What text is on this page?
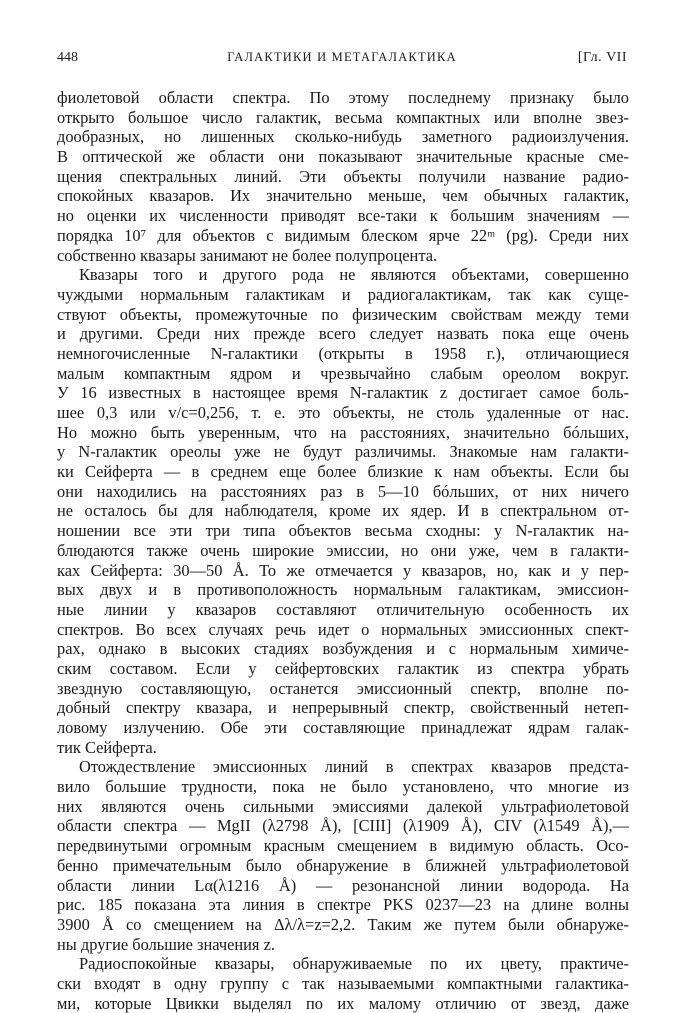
448	ГАЛАКТИКИ И МЕТАГАЛАКТИКА	[Гл. VII
фиолетовой области спектра. По этому последнему признаку было
открыто большое число галактик, весьма компактных или вполне звез-
дообразных, но лишенных сколько-нибудь заметного радиоизлучения.
В оптической же области они показывают значительные красные сме-
щения спектральных линий. Эти объекты получили название радио-
спокойных квазаров. Их значительно меньше, чем обычных галактик,
но оценки их численности приводят все-таки к большим значениям —
порядка 10⁷ для объектов с видимым блеском ярче 22ᵐ (pg). Среди них
собственно квазары занимают не более полупроцента.
Квазары того и другого рода не являются объектами, совершенно
чуждыми нормальным галактикам и радиогалактикам, так как суще-
ствуют объекты, промежуточные по физическим свойствам между теми
и другими. Среди них прежде всего следует назвать пока еще очень
немногочисленные N-галактики (открыты в 1958 г.), отличающиеся
малым компактным ядром и чрезвычайно слабым ореолом вокруг.
У 16 известных в настоящее время N-галактик z достигает самое боль-
шее 0,3 или v/c=0,256, т. е. это объекты, не столь удаленные от нас.
Но можно быть уверенным, что на расстояниях, значительно бóльших,
у N-галактик ореолы уже не будут различимы. Знакомые нам галакти-
ки Сейферта — в среднем еще более близкие к нам объекты. Если бы
они находились на расстояниях раз в 5—10 бóльших, от них ничего
не осталось бы для наблюдателя, кроме их ядер. И в спектральном от-
ношении все эти три типа объектов весьма сходны: у N-галактик на-
блюдаются также очень широкие эмиссии, но они уже, чем в галакти-
ках Сейферта: 30—50 Å. То же отмечается у квазаров, но, как и у пер-
вых двух и в противоположность нормальным галактикам, эмиссион-
ные линии у квазаров составляют отличительную особенность их
спектров. Во всех случаях речь идет о нормальных эмиссионных спект-
рах, однако в высоких стадиях возбуждения и с нормальным химиче-
ским составом. Если у сейфертовских галактик из спектра убрать
звездную составляющую, останется эмиссионный спектр, вполне по-
добный спектру квазара, и непрерывный спектр, свойственный нетеп-
ловому излучению. Обе эти составляющие принадлежат ядрам галак-
тик Сейферта.
Отождествление эмиссионных линий в спектрах квазаров предста-
вило большие трудности, пока не было установлено, что многие из
них являются очень сильными эмиссиями далекой ультрафиолетовой
области спектра — MgII (λ2798 Å), [CIII] (λ1909 Å), CIV (λ1549 Å),—
передвинутыми огромным красным смещением в видимую область. Осо-
бенно примечательным было обнаружение в ближней ультрафиолетовой
области линии Lα(λ1216 Å) — резонансной линии водорода. На
рис. 185 показана эта линия в спектре PKS 0237—23 на длине волны
3900 Å со смещением на Δλ/λ=z=2,2. Таким же путем были обнаруже-
ны другие большие значения z.
Радиоспокойные квазары, обнаруживаемые по их цвету, практиче-
ски входят в одну группу с так называемыми компактными галактика-
ми, которые Цвикки выделял по их малому отличию от звезд, даже
